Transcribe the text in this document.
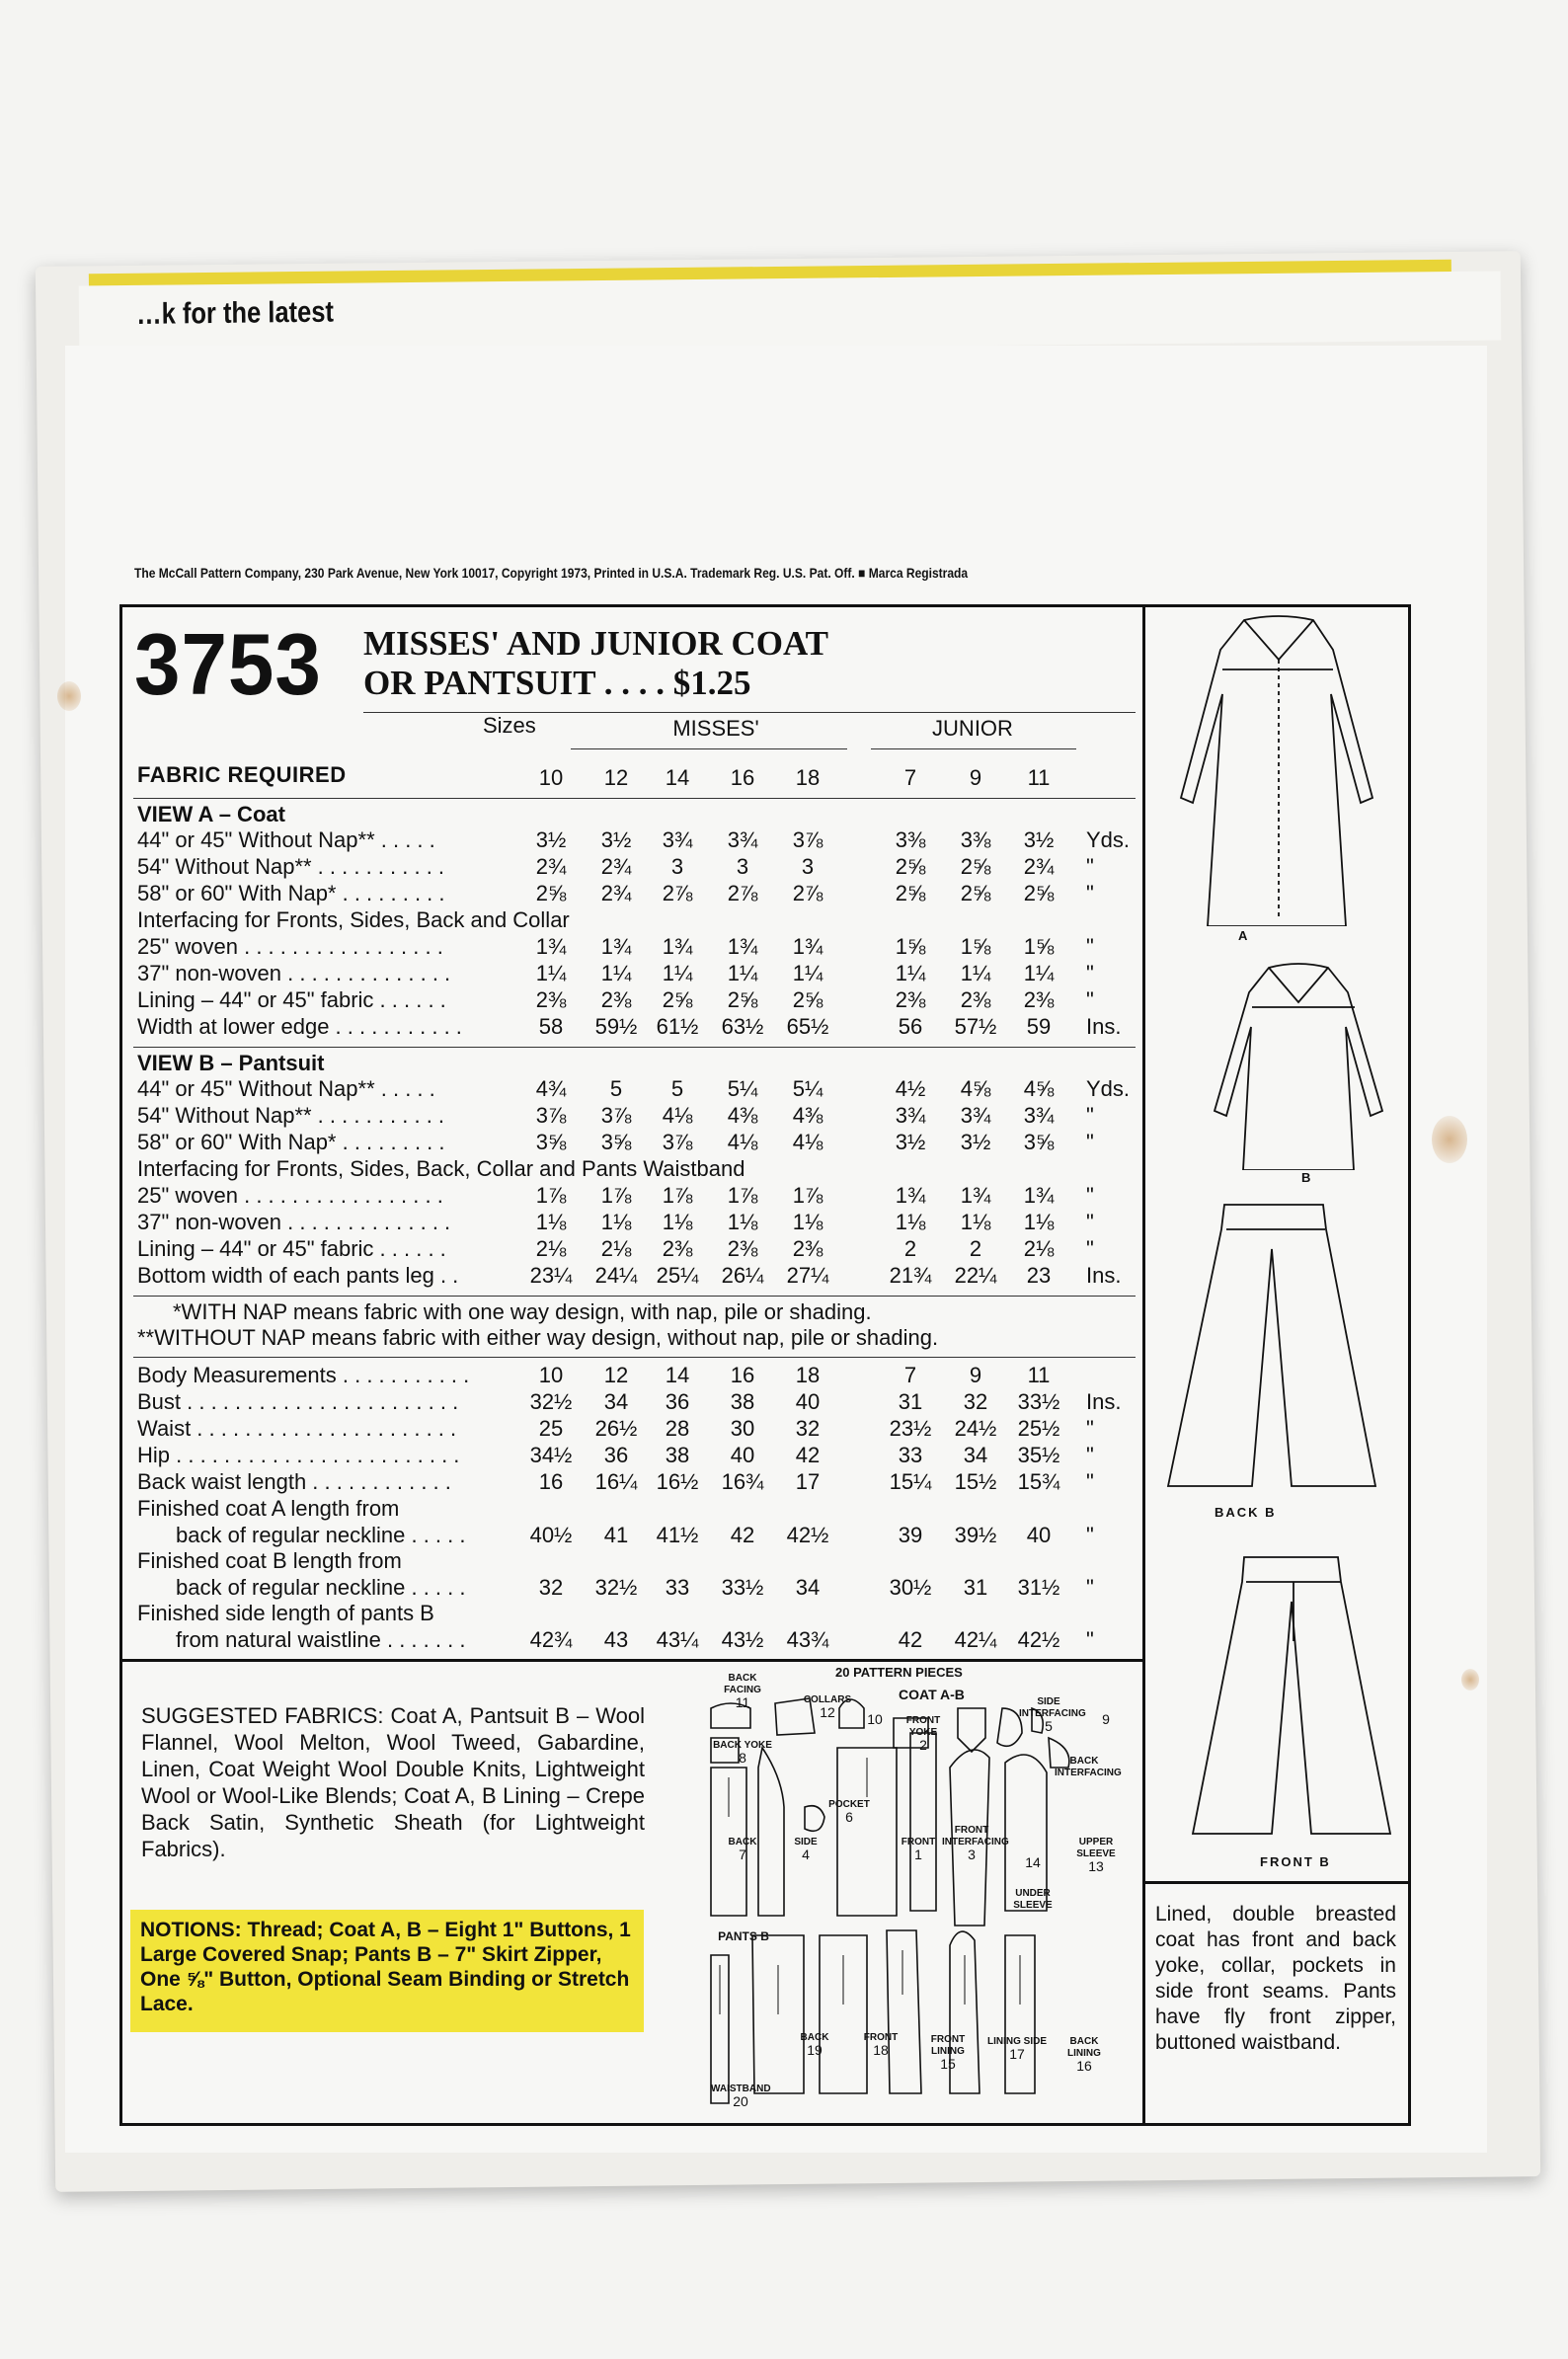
…k for the latest
The McCall Pattern Company, 230 Park Avenue, New York 10017, Copyright 1973, Printed in U.S.A. Trademark Reg. U.S. Pat. Off. ■ Marca Registrada
3753 MISSES' AND JUNIOR COAT
OR PANTSUIT . . . . $1.25
Sizes	MISSES'	JUNIOR
FABRIC REQUIRED	10	12	14	16	18	7	9	11
VIEW A – Coat
44" or 45" Without Nap** . . . . .	3½	3½	3¾	3¾	3⅞	3⅜	3⅜	3½	Yds.
54" Without Nap** . . . . . . . . . . .	2¾	2¾	3	3	3	2⅝	2⅝	2¾	"
58" or 60" With Nap* . . . . . . . . .	2⅝	2¾	2⅞	2⅞	2⅞	2⅝	2⅝	2⅝	"
Interfacing for Fronts, Sides, Back and Collar
25" woven . . . . . . . . . . . . . . . . .	1¾	1¾	1¾	1¾	1¾	1⅝	1⅝	1⅝	"
37" non-woven . . . . . . . . . . . . . .	1¼	1¼	1¼	1¼	1¼	1¼	1¼	1¼	"
Lining – 44" or 45" fabric . . . . . .	2⅜	2⅜	2⅝	2⅝	2⅝	2⅜	2⅜	2⅜	"
Width at lower edge . . . . . . . . . . .	58	59½ 61½	63½	65½	56	57½	59	Ins.
VIEW B – Pantsuit
44" or 45" Without Nap** . . . . .	4¾	5	5	5¼	5¼	4½	4⅝	4⅝	Yds.
54" Without Nap** . . . . . . . . . . .	3⅞	3⅞	4⅛	4⅜	4⅜	3¾	3¾	3¾	"
58" or 60" With Nap* . . . . . . . . .	3⅝	3⅝	3⅞	4⅛	4⅛	3½	3½	3⅝	"
Interfacing for Fronts, Sides, Back, Collar and Pants Waistband
25" woven . . . . . . . . . . . . . . . . .	1⅞	1⅞	1⅞	1⅞	1⅞	1¾	1¾	1¾	"
37" non-woven . . . . . . . . . . . . . .	1⅛	1⅛	1⅛	1⅛	1⅛	1⅛	1⅛	1⅛	"
Lining – 44" or 45" fabric . . . . . .	2⅛	2⅛	2⅜	2⅜	2⅜	2	2	2⅛	"
Bottom width of each pants leg . .	23¼	24¼ 25¼	26¼	27¼	21¾	22¼	23	Ins.
*WITH NAP means fabric with one way design, with nap, pile or shading.
**WITHOUT NAP means fabric with either way design, without nap, pile or shading.
Body Measurements . . . . . . . . . . .	10	12	14	16	18	7	9	11
Bust . . . . . . . . . . . . . . . . . . . . . . .	32½	34	36	38	40	31	32	33½	Ins.
Waist . . . . . . . . . . . . . . . . . . . . . .	25	26½	28	30	32	23½	24½ 25½	"
Hip . . . . . . . . . . . . . . . . . . . . . . . .	34½	36	38	40	42	33	34	35½	"
Back waist length . . . . . . . . . . . .	16	16¼ 16½	16¾	17	15¼	15½ 15¾	"
Finished coat A length from
back of regular neckline . . . . .	40½	41	41½	42	42½	39	39½	40	"
Finished coat B length from
back of regular neckline . . . . .	32	32½	33	33½	34	30½	31	31½	"
Finished side length of pants B
from natural waistline . . . . . . .	42¾	43	43¼	43½	43¾	42	42¼ 42½	"
SUGGESTED FABRICS: Coat A, Pantsuit B – Wool Flannel, Wool Melton, Wool Tweed, Gabardine, Linen, Coat Weight Wool Double Knits, Lightweight Wool or Wool-Like Blends; Coat A, B Lining – Crepe Back Satin, Synthetic Sheath (for Lightweight Fabrics).
NOTIONS: Thread; Coat A, B – Eight 1" Buttons, 1 Large Covered Snap; Pants B – 7" Skirt Zipper, One ⅝" Button, Optional Seam Binding or Stretch Lace.
20 PATTERN PIECES
COAT A-B
PANTS B
BACK FACING
11	COLLARS
12	10	FRONT YOKE
2
SIDE INTERFACING
5	9
BACK YOKE
8	BACK INTERFACING
POCKET
6
BACK
7
SIDE
4
FRONT
1
FRONT INTERFACING
3	14
UPPER SLEEVE
13
UNDER SLEEVE
WAISTBAND
20
BACK
19
FRONT
18
FRONT LINING
15
LINING SIDE
17
BACK LINING
16
A
B
BACK B
FRONT B
Lined, double breasted coat has front and back yoke, collar, pockets in side front seams. Pants have fly front zipper, buttoned waistband.
